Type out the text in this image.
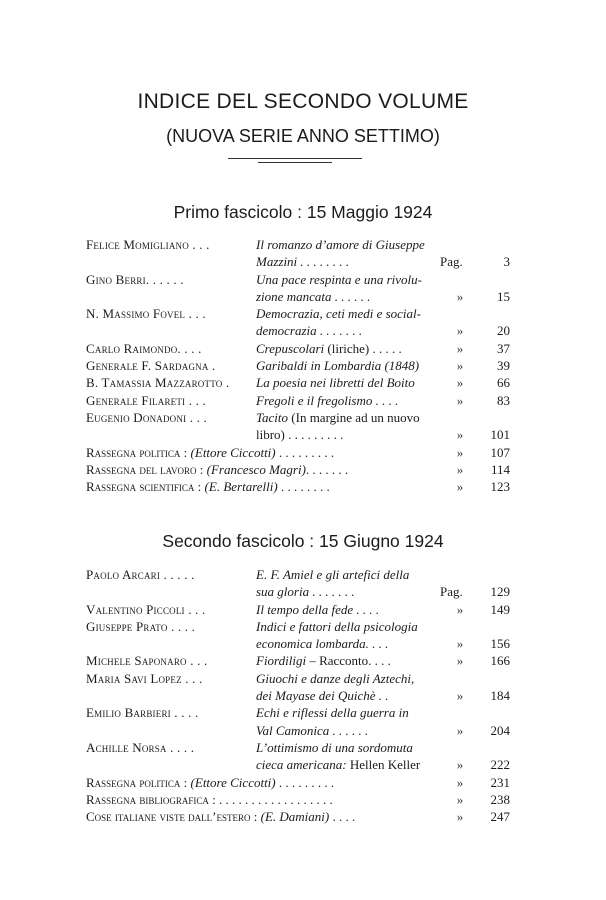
INDICE DEL SECONDO VOLUME
(NUOVA SERIE ANNO SETTIMO)
Primo fascicolo : 15 Maggio 1924
Felice Momigliano . . .	Il romanzo d’amore di Giuseppe
Mazzini . . . . . . . .	Pag.	3
Gino Berri. . . . . .	Una pace respinta e una rivolu-
zione mancata . . . . . .	»	15
N. Massimo Fovel . . .	Democrazia, ceti medi e social-
democrazia . . . . . . .	»	20
Carlo Raimondo. . . .	Crepuscolari (liriche) . . . . .	»	37
Generale F. Sardagna .	Garibaldi in Lombardia (1848)	»	39
B. Tamassia Mazzarotto .	La poesia nei libretti del Boito	»	66
Generale Filareti . . .	Fregoli e il fregolismo . . . .	»	83
Eugenio Donadoni . . .	Tacito (In margine ad un nuovo
libro) . . . . . . . . .	»	101
Rassegna politica : (Ettore Ciccotti) . . . . . . . . .	»	107
Rassegna del lavoro : (Francesco Magri). . . . . . .	»	114
Rassegna scientifica : (E. Bertarelli) . . . . . . . .	»	123
Secondo fascicolo : 15 Giugno 1924
Paolo Arcari . . . . .	E. F. Amiel e gli artefici della
sua gloria . . . . . . .	Pag.	129
Valentino Piccoli . . .	Il tempo della fede . . . .	»	149
Giuseppe Prato . . . .	Indici e fattori della psicologia
economica lombarda. . . .	»	156
Michele Saponaro . . .	Fiordiligi – Racconto. . . .	»	166
Maria Savi Lopez . . .	Giuochi e danze degli Aztechi,
dei Mayase dei Quichè . .	»	184
Emilio Barbieri . . . .	Echi e riflessi della guerra in
Val Camonica . . . . . .	»	204
Achille Norsa . . . .	L’ottimismo di una sordomuta
cieca americana: Hellen Keller	»	222
Rassegna politica : (Ettore Ciccotti) . . . . . . . . .	»	231
Rassegna bibliografica : . . . . . . . . . . . . . . . . . .	»	238
Cose italiane viste dall’estero : (E. Damiani) . . . .	»	247
